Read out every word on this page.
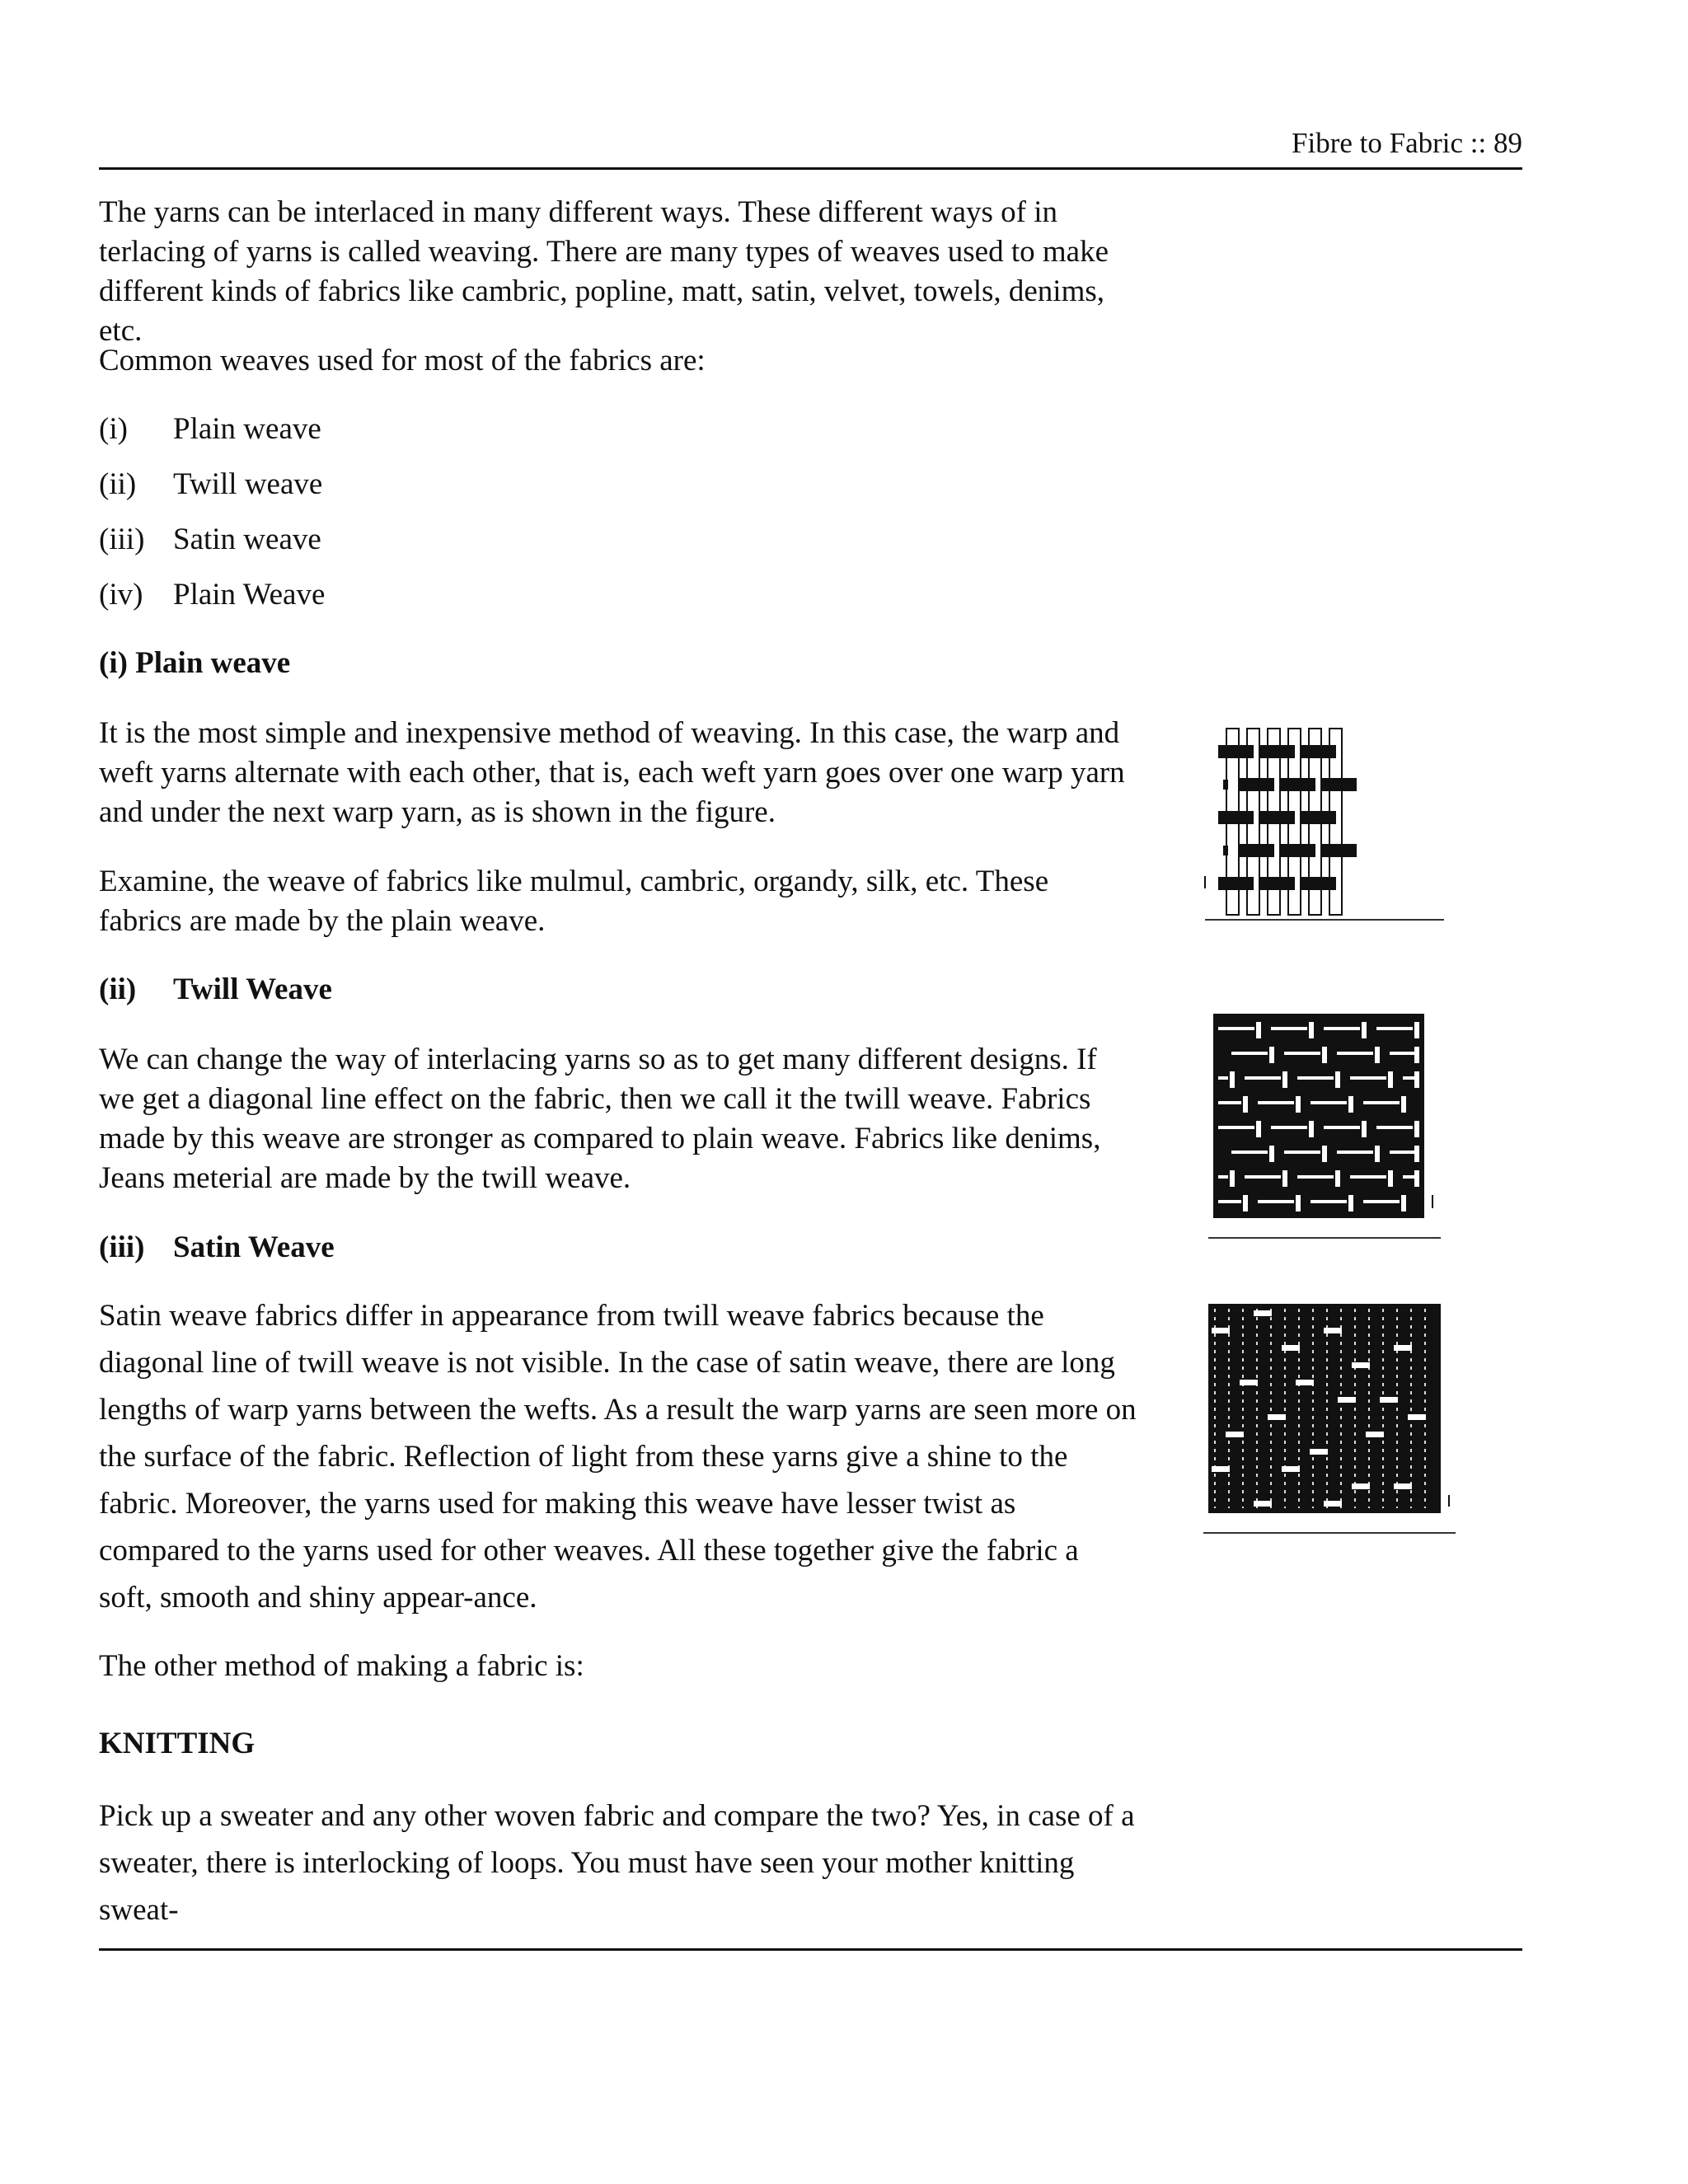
Fibre to Fabric :: 89

The yarns can be interlaced in many different ways. These different ways of in terlacing of yarns is called weaving. There are many types of weaves used to make different kinds of fabrics like cambric, popline, matt, satin, velvet, towels, denims, etc.

Common weaves used for most of the fabrics are:

(i) Plain weave
(ii) Twill weave
(iii) Satin weave
(iv) Plain Weave
(i) Plain weave

It is the most simple and inexpensive method of weaving. In this case, the warp and weft yarns alternate with each other, that is, each weft yarn goes over one warp yarn and under the next warp yarn, as is shown in the figure.

Examine, the weave of fabrics like mulmul, cambric, organdy, silk, etc. These fabrics are made by the plain weave.

(ii) Twill Weave

We can change the way of interlacing yarns so as to get many different designs. If we get a diagonal line effect on the fabric, then we call it the twill weave. Fabrics made by this weave are stronger as compared to plain weave. Fabrics like denims, Jeans meterial are made by the twill weave.

(iii) Satin Weave

Satin weave fabrics differ in appearance from twill weave fabrics because the diagonal line of twill weave is not visible. In the case of satin weave, there are long lengths of warp yarns between the wefts. As a result the warp yarns are seen more on the surface of the fabric. Reflection of light from these yarns give a shine to the fabric. Moreover, the yarns used for making this weave have lesser twist as compared to the yarns used for other weaves. All these together give the fabric a soft, smooth and shiny appear-ance.

The other method of making a fabric is:

KNITTING

Pick up a sweater and any other woven fabric and compare the two? Yes, in case of a sweater, there is interlocking of loops. You must have seen your mother knitting sweat-
